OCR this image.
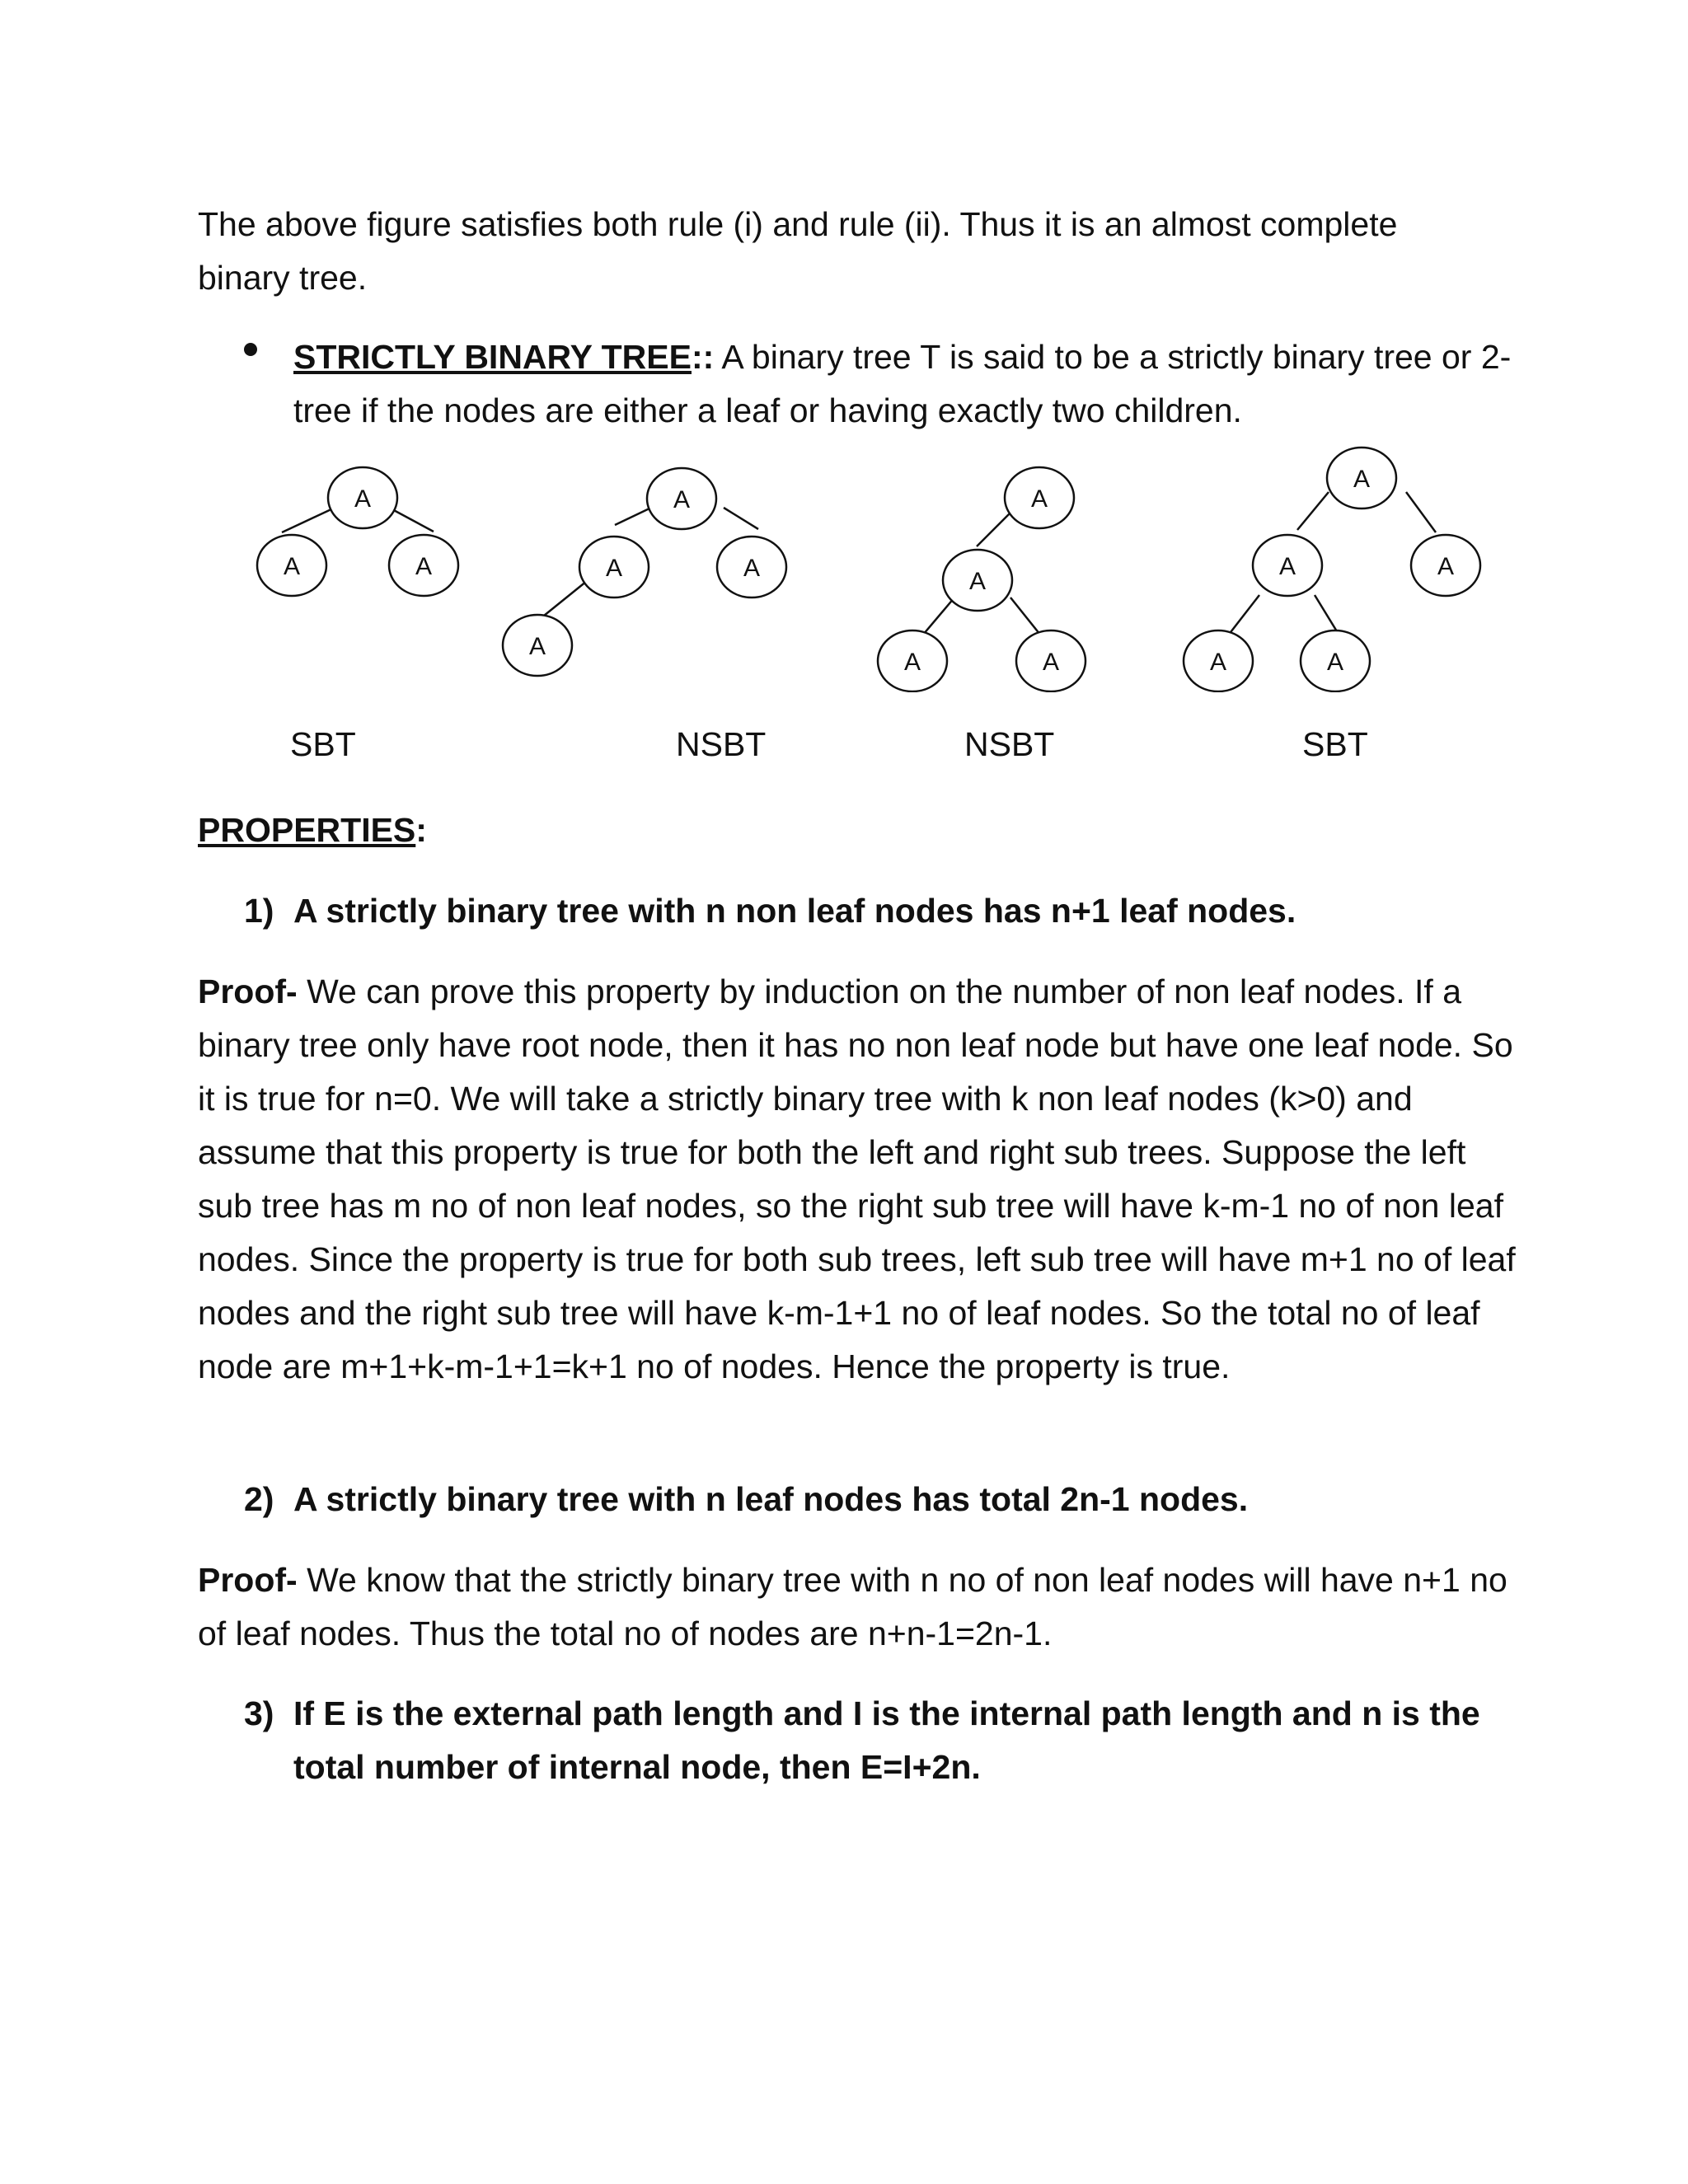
The above figure satisfies both rule (i) and rule (ii). Thus it is an almost complete
binary tree.

STRICTLY BINARY TREE:: A binary tree T is said to be a strictly binary tree or 2-tree if the nodes are either a leaf or having exactly two children.

A
A	A
A
A	A
A
A
A
A	A
A
A	A
A	A
SBT	NSBT	NSBT	SBT

PROPERTIES:

1) A strictly binary tree with n non leaf nodes has n+1 leaf nodes.

Proof- We can prove this property by induction on the number of non leaf nodes. If a binary tree only have root node, then it has no non leaf node but have one leaf node. So it is true for n=0. We will take a strictly binary tree with k non leaf nodes (k>0) and assume that this property is true for both the left and right sub trees. Suppose the left sub tree has m no of non leaf nodes, so the right sub tree will have k-m-1 no of non leaf nodes. Since the property is true for both sub trees, left sub tree will have m+1 no of leaf nodes and the right sub tree will have k-m-1+1 no of leaf nodes. So the total no of leaf node are m+1+k-m-1+1=k+1 no of nodes. Hence the property is true.

2) A strictly binary tree with n leaf nodes has total 2n-1 nodes.

Proof- We know that the strictly binary tree with n no of non leaf nodes will have n+1 no of leaf nodes. Thus the total no of nodes are n+n-1=2n-1.

3) If E is the external path length and I is the internal path length and n is the total number of internal node, then E=I+2n.
